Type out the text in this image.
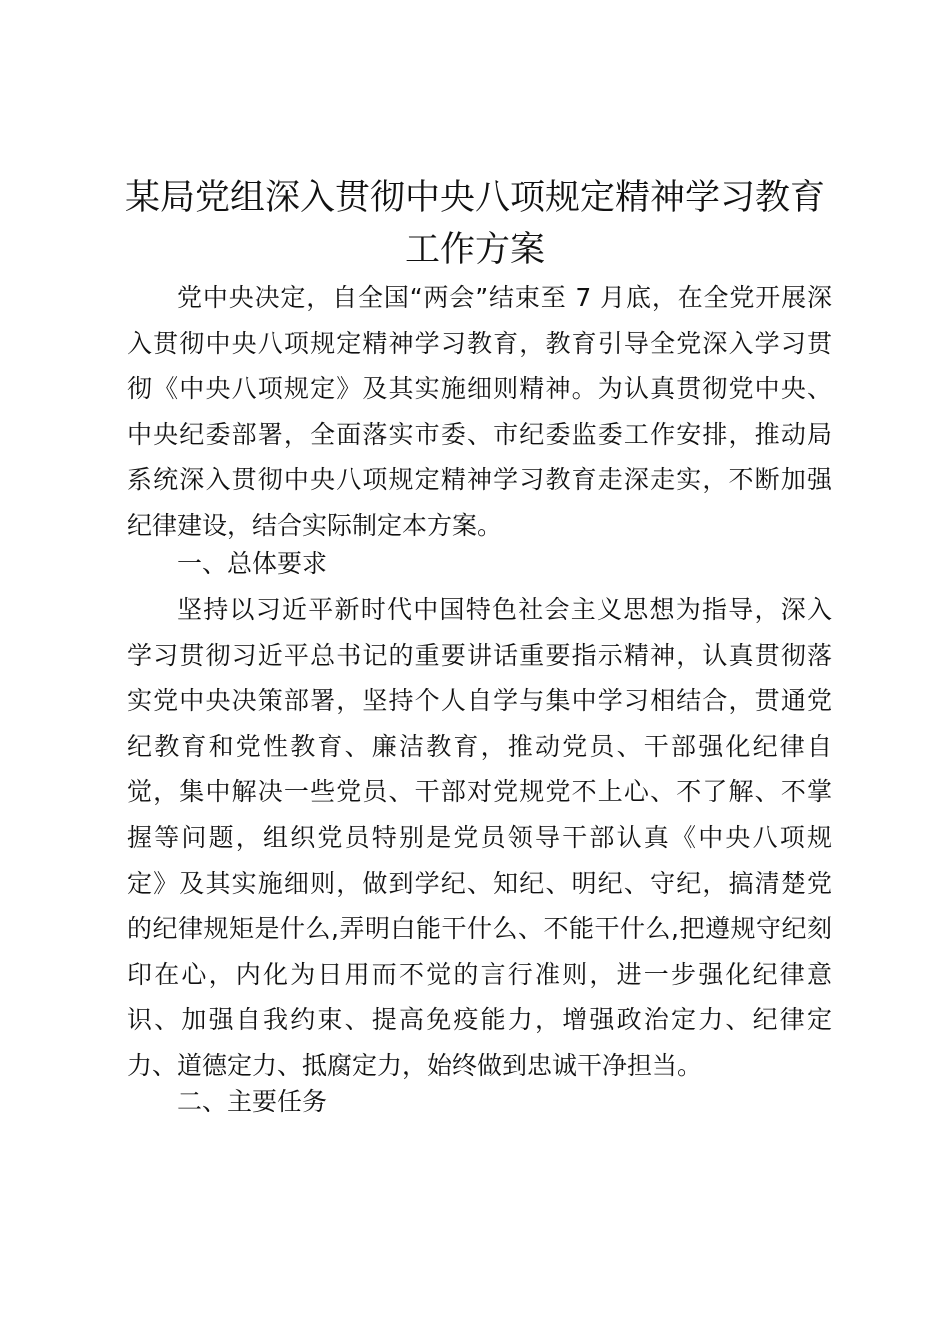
某局党组深入贯彻中央八项规定精神学习教育
工作方案
党中央决定，自全国“两会”结束至 7 月底，在全党开展深
入贯彻中央八项规定精神学习教育，教育引导全党深入学习贯
彻《中央八项规定》及其实施细则精神。为认真贯彻党中央、
中央纪委部署，全面落实市委、市纪委监委工作安排，推动局
系统深入贯彻中央八项规定精神学习教育走深走实，不断加强
纪律建设，结合实际制定本方案。
一、总体要求
坚持以习近平新时代中国特色社会主义思想为指导，深入
学习贯彻习近平总书记的重要讲话重要指示精神，认真贯彻落
实党中央决策部署，坚持个人自学与集中学习相结合，贯通党
纪教育和党性教育、廉洁教育，推动党员、干部强化纪律自
觉，集中解决一些党员、干部对党规党不上心、不了解、不掌
握等问题，组织党员特别是党员领导干部认真《中央八项规
定》及其实施细则，做到学纪、知纪、明纪、守纪，搞清楚党
的纪律规矩是什么,弄明白能干什么、不能干什么,把遵规守纪刻
印在心，内化为日用而不觉的言行准则，进一步强化纪律意
识、加强自我约束、提高免疫能力，增强政治定力、纪律定
力、道德定力、抵腐定力，始终做到忠诚干净担当。
二、主要任务
